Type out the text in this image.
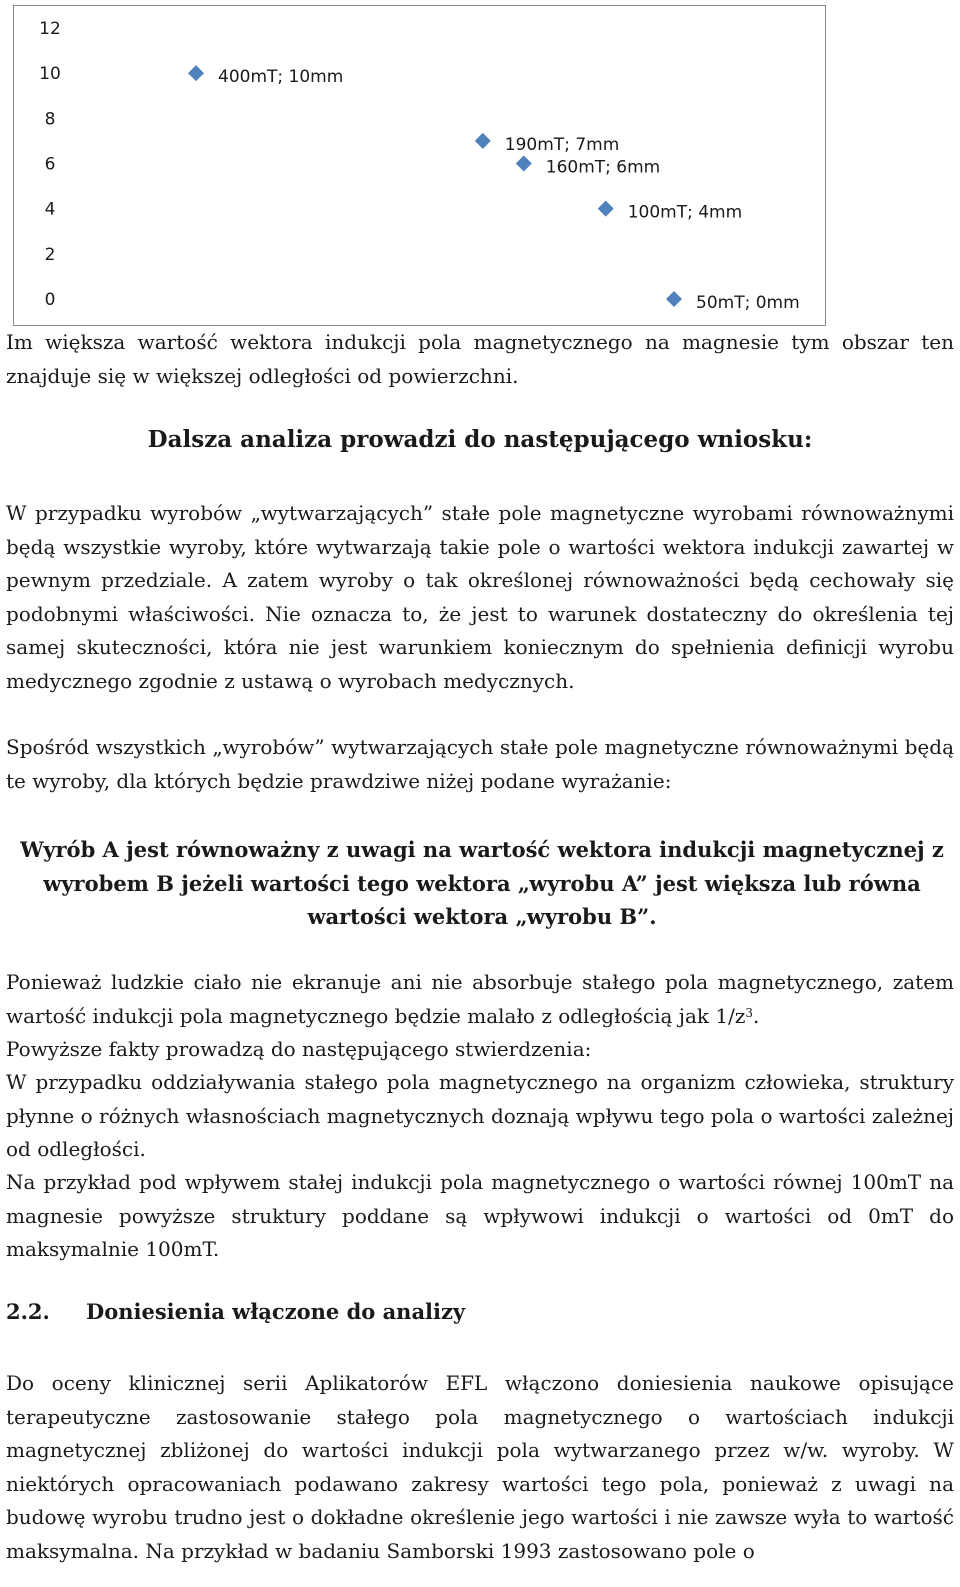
0
2
4
6
8
10
12
400mT; 10mm
190mT; 7mm
160mT; 6mm
100mT; 4mm
50mT; 0mm

Im większa wartość wektora indukcji pola magnetycznego na magnesie tym obszar ten znajduje się w większej odległości od powierzchni.

Dalsza analiza prowadzi do następującego wniosku:

W przypadku wyrobów „wytwarzających” stałe pole magnetyczne wyrobami równoważnymi będą wszystkie wyroby, które wytwarzają takie pole o wartości wektora indukcji zawartej w pewnym przedziale. A zatem wyroby o tak określonej równoważności będą cechowały się podobnymi właściwości. Nie oznacza to, że jest to warunek dostateczny do określenia tej samej skuteczności, która nie jest warunkiem koniecznym do spełnienia definicji wyrobu medycznego zgodnie z ustawą o wyrobach medycznych.

Spośród wszystkich „wyrobów” wytwarzających stałe pole magnetyczne równoważnymi będą te wyroby, dla których będzie prawdziwe niżej podane wyrażanie:

Wyrób A jest równoważny z uwagi na wartość wektora indukcji magnetycznej z wyrobem B jeżeli wartości tego wektora „wyrobu A” jest większa lub równa wartości wektora „wyrobu B”.

Ponieważ ludzkie ciało nie ekranuje ani nie absorbuje stałego pola magnetycznego, zatem wartość indukcji pola magnetycznego będzie malało z odległością jak $1/z^3$.

Powyższe fakty prowadzą do następującego stwierdzenia:

W przypadku oddziaływania stałego pola magnetycznego na organizm człowieka, struktury płynne o różnych własnościach magnetycznych doznają wpływu tego pola o wartości zależnej od odległości.

Na przykład pod wpływem stałej indukcji pola magnetycznego o wartości równej 100mT na magnesie powyższe struktury poddane są wpływowi indukcji o wartości od 0mT do maksymalnie 100mT.

2.2. Doniesienia włączone do analizy

Do oceny klinicznej serii Aplikatorów EFL włączono doniesienia naukowe opisujące terapeutyczne zastosowanie stałego pola magnetycznego o wartościach indukcji magnetycznej zbliżonej do wartości indukcji pola wytwarzanego przez w/w. wyroby. W niektórych opracowaniach podawano zakresy wartości tego pola, ponieważ z uwagi na budowę wyrobu trudno jest o dokładne określenie jego wartości i nie zawsze wyła to wartość maksymalna. Na przykład w badaniu Samborski 1993 zastosowano pole o
